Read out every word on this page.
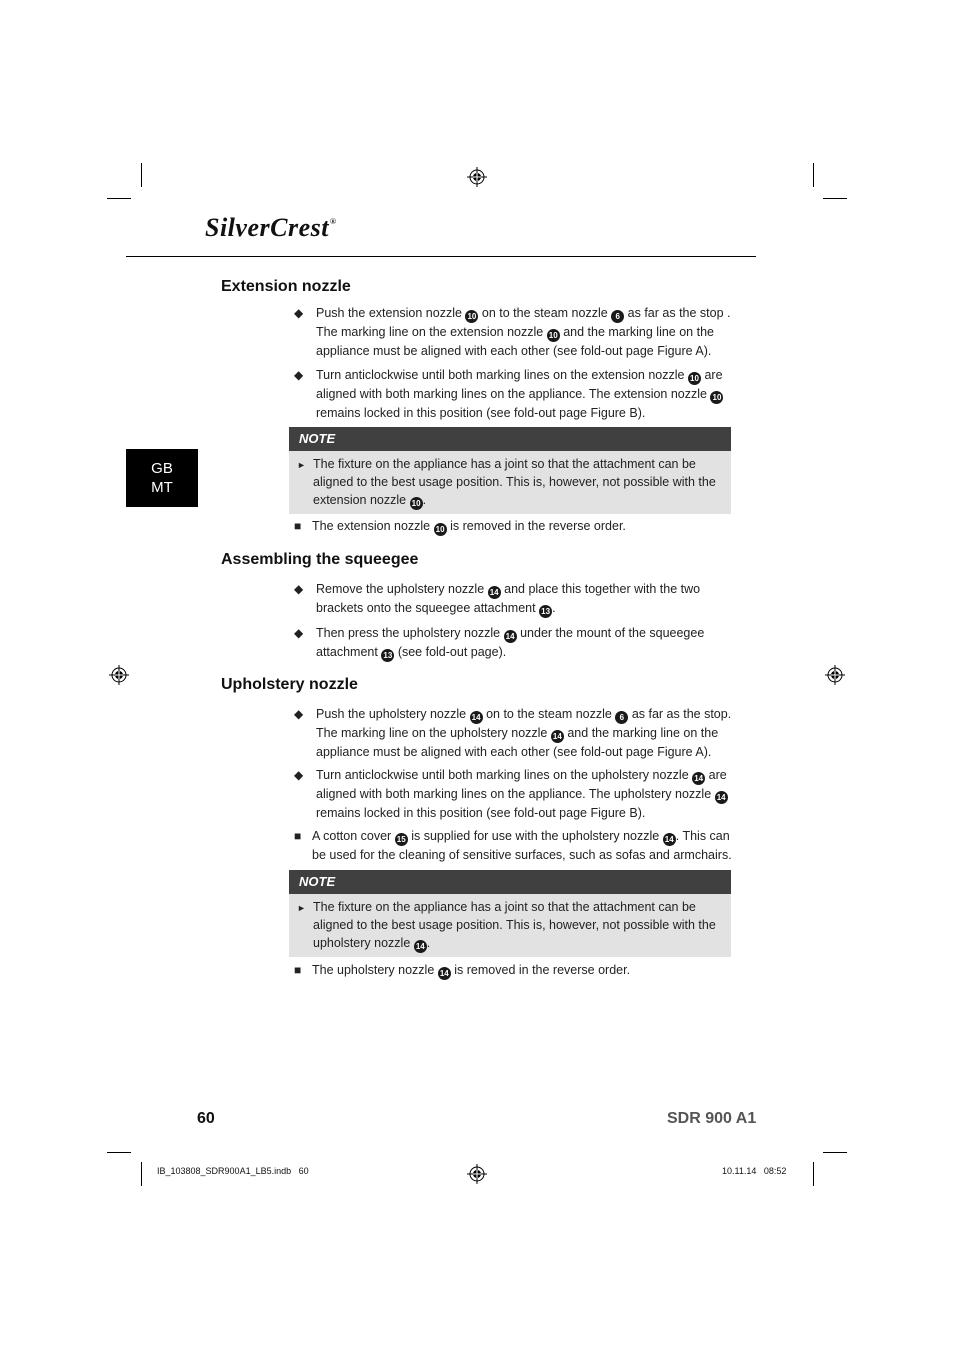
SilverCrest®
GB
MT
Extension nozzle
◆	Push the extension nozzle 10 on to the steam nozzle 6 as far as the stop . The marking line on the extension nozzle 10 and the marking line on the appliance must be aligned with each other (see fold-out page Figure A).
◆	Turn anticlockwise until both marking lines on the extension nozzle 10 are aligned with both marking lines on the appliance. The extension nozzle 10 remains locked in this position (see fold-out page Figure B).
NOTE
► The fixture on the appliance has a joint so that the attachment can be aligned to the best usage position. This is, however, not possible with the extension nozzle 10 .
■ The extension nozzle 10 is removed in the reverse order.
Assembling the squeegee
◆	Remove the upholstery nozzle 14 and place this together with the two brackets onto the squeegee attachment 13 .
◆	Then press the upholstery nozzle 14 under the mount of the squeegee attachment 13 (see fold-out page).
Upholstery nozzle
◆	Push the upholstery nozzle 14 on to the steam nozzle 6 as far as the stop. The marking line on the upholstery nozzle 14 and the marking line on the appliance must be aligned with each other (see fold-out page Figure A).
◆	Turn anticlockwise until both marking lines on the upholstery nozzle 14 are aligned with both marking lines on the appliance. The upholstery nozzle 14 remains locked in this position (see fold-out page Figure B).
■ A cotton cover 15 is supplied for use with the upholstery nozzle 14 . This can be used for the cleaning of sensitive surfaces, such as sofas and armchairs.
NOTE
► The fixture on the appliance has a joint so that the attachment can be aligned to the best usage position. This is, however, not possible with the upholstery nozzle 14 .
■ The upholstery nozzle 14 is removed in the reverse order.
60	SDR 900 A1
IB_103808_SDR900A1_LB5.indb   60	10.11.14   08:52
